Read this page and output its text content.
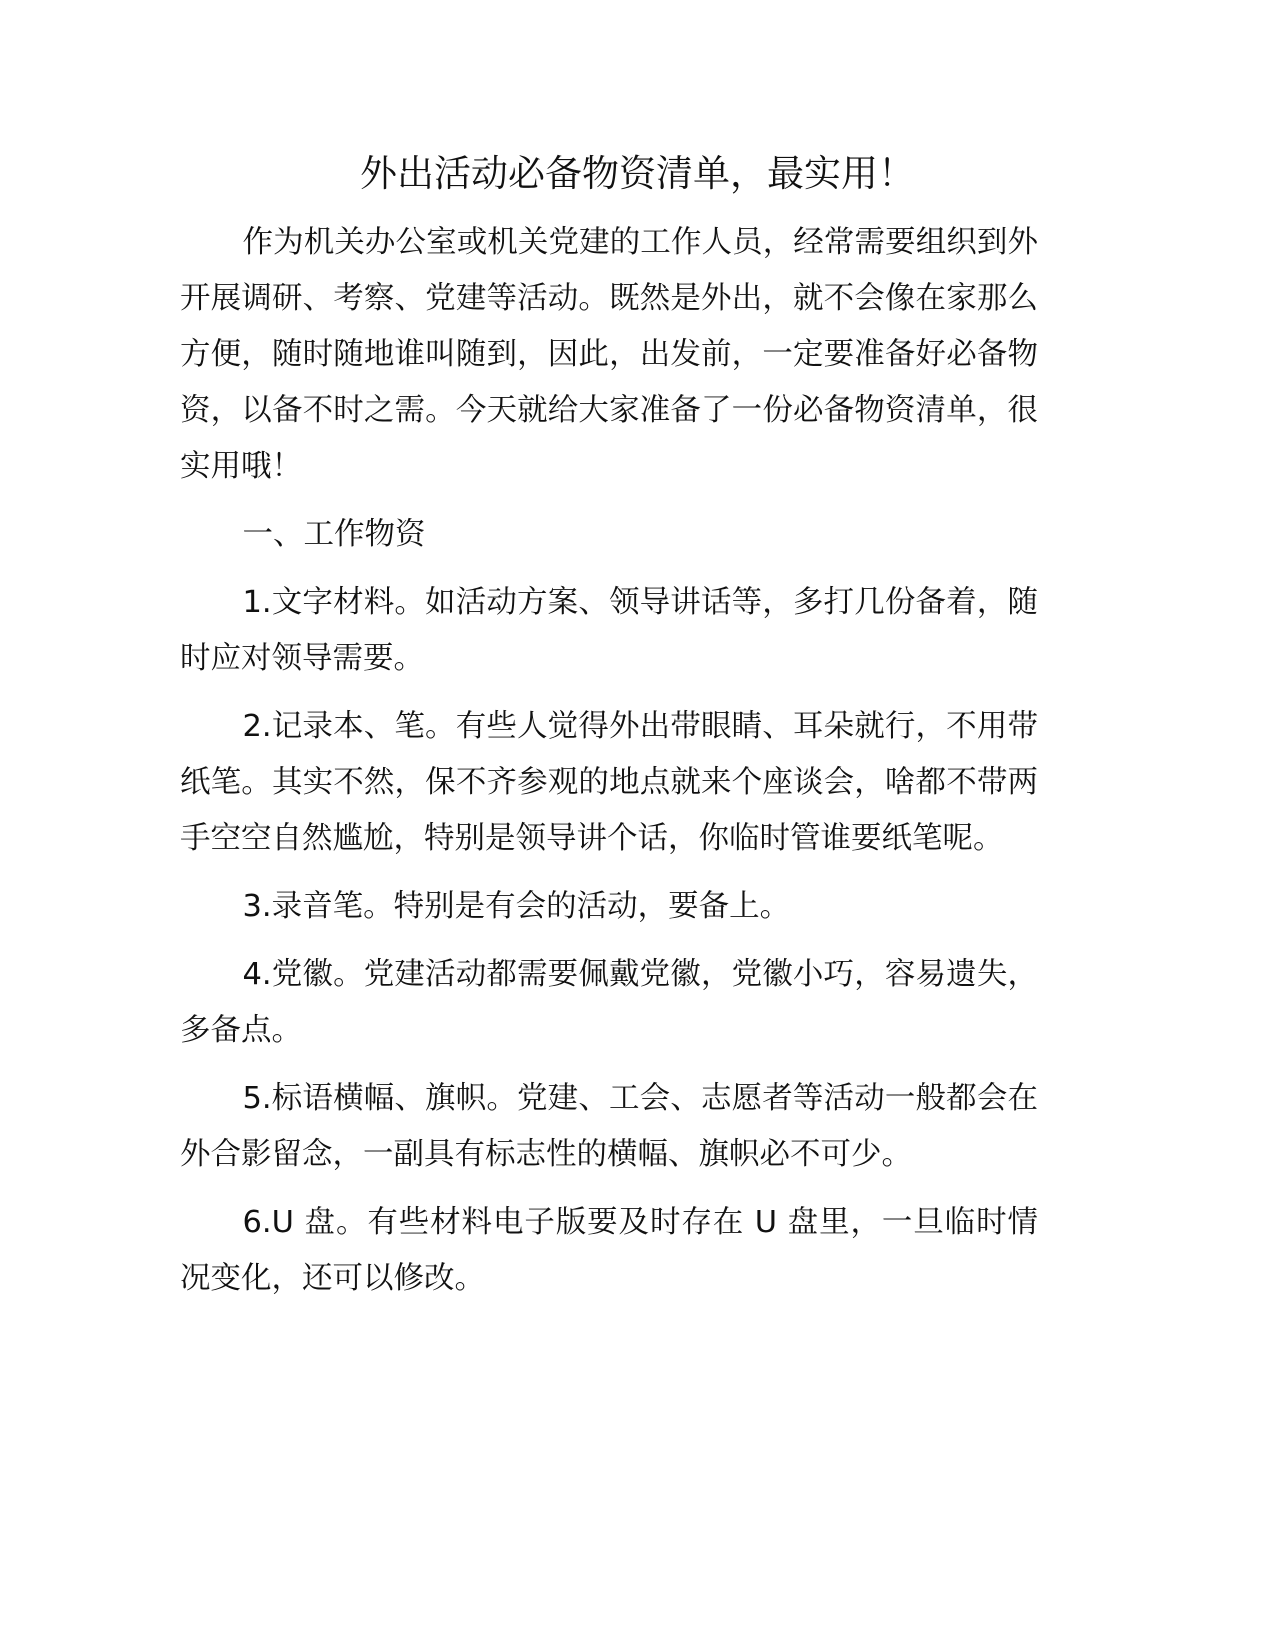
外出活动必备物资清单，最实用！

作为机关办公室或机关党建的工作人员，经常需要组织到外开展调研、考察、党建等活动。既然是外出，就不会像在家那么方便，随时随地谁叫随到，因此，出发前，一定要准备好必备物资，以备不时之需。今天就给大家准备了一份必备物资清单，很实用哦！

一、工作物资

1.文字材料。如活动方案、领导讲话等，多打几份备着，随时应对领导需要。

2.记录本、笔。有些人觉得外出带眼睛、耳朵就行，不用带纸笔。其实不然，保不齐参观的地点就来个座谈会，啥都不带两手空空自然尴尬，特别是领导讲个话，你临时管谁要纸笔呢。

3.录音笔。特别是有会的活动，要备上。

4.党徽。党建活动都需要佩戴党徽，党徽小巧，容易遗失，多备点。

5.标语横幅、旗帜。党建、工会、志愿者等活动一般都会在外合影留念，一副具有标志性的横幅、旗帜必不可少。

6.U 盘。有些材料电子版要及时存在 U 盘里，一旦临时情况变化，还可以修改。
